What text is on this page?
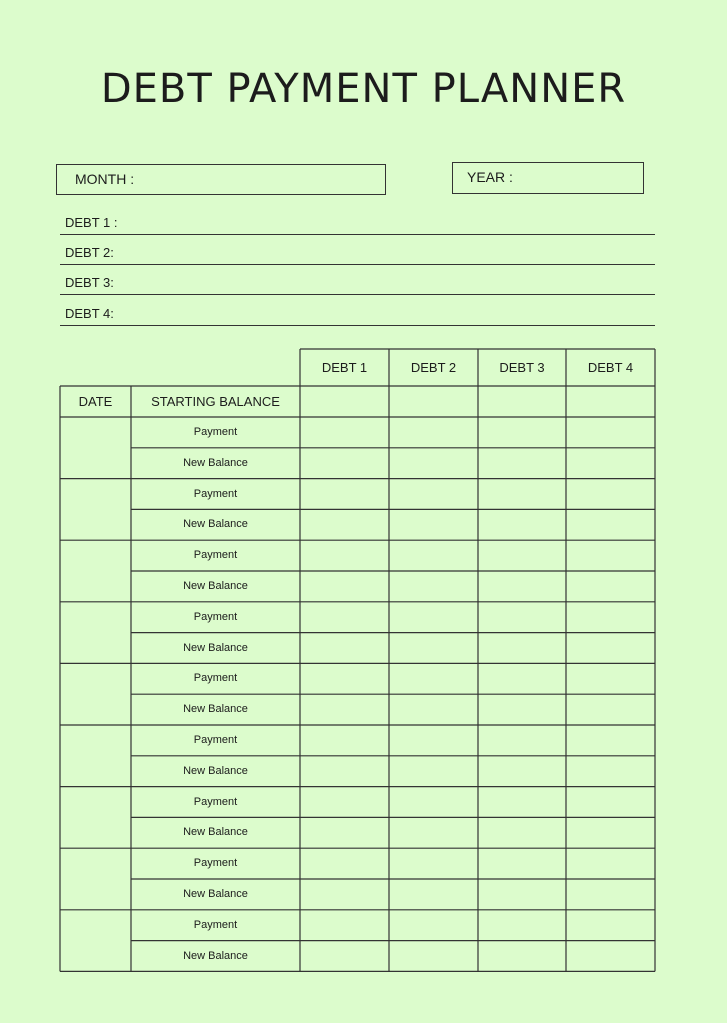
DEBT PAYMENT PLANNER
MONTH :	YEAR :
DEBT 1 :
DEBT 2:
DEBT 3:
DEBT 4:
DEBT 1	DEBT 2	DEBT 3	DEBT 4
DATE	STARTING BALANCE
Payment
New Balance
Payment
New Balance
Payment
New Balance
Payment
New Balance
Payment
New Balance
Payment
New Balance
Payment
New Balance
Payment
New Balance
Payment
New Balance
